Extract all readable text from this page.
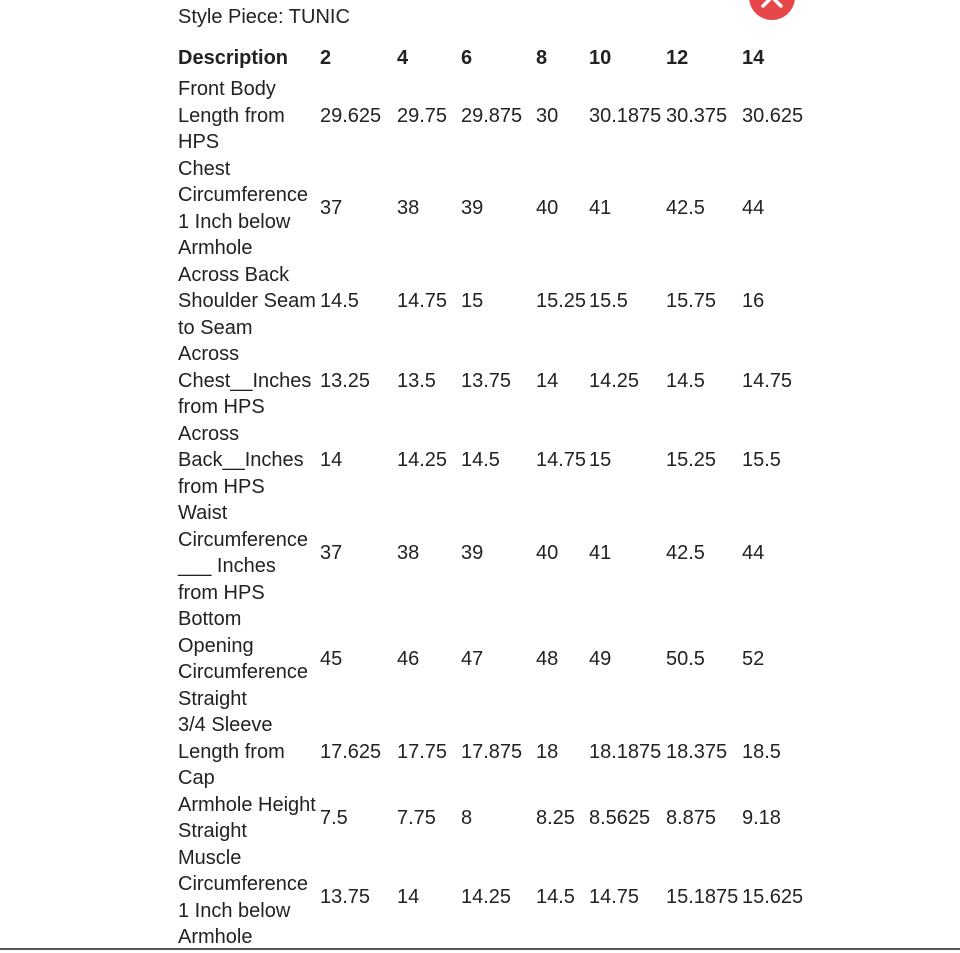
Style Piece: TUNIC
Description	2	4	6	8	10	12	14
Front Body Length from HPS	29.625	29.75	29.875	30	30.1875	30.375	30.625
Chest Circumference 1 Inch below Armhole	37	38	39	40	41	42.5	44
Across Back Shoulder Seam to Seam	14.5	14.75	15	15.25	15.5	15.75	16
Across Chest__Inches from HPS	13.25	13.5	13.75	14	14.25	14.5	14.75
Across Back__Inches from HPS	14	14.25	14.5	14.75	15	15.25	15.5
Waist Circumference ___ Inches from HPS	37	38	39	40	41	42.5	44
Bottom Opening Circumference Straight	45	46	47	48	49	50.5	52
3/4 Sleeve Length from Cap	17.625	17.75	17.875	18	18.1875	18.375	18.5
Armhole Height Straight	7.5	7.75	8	8.25	8.5625	8.875	9.18
Muscle Circumference 1 Inch below Armhole	13.75	14	14.25	14.5	14.75	15.1875	15.625
